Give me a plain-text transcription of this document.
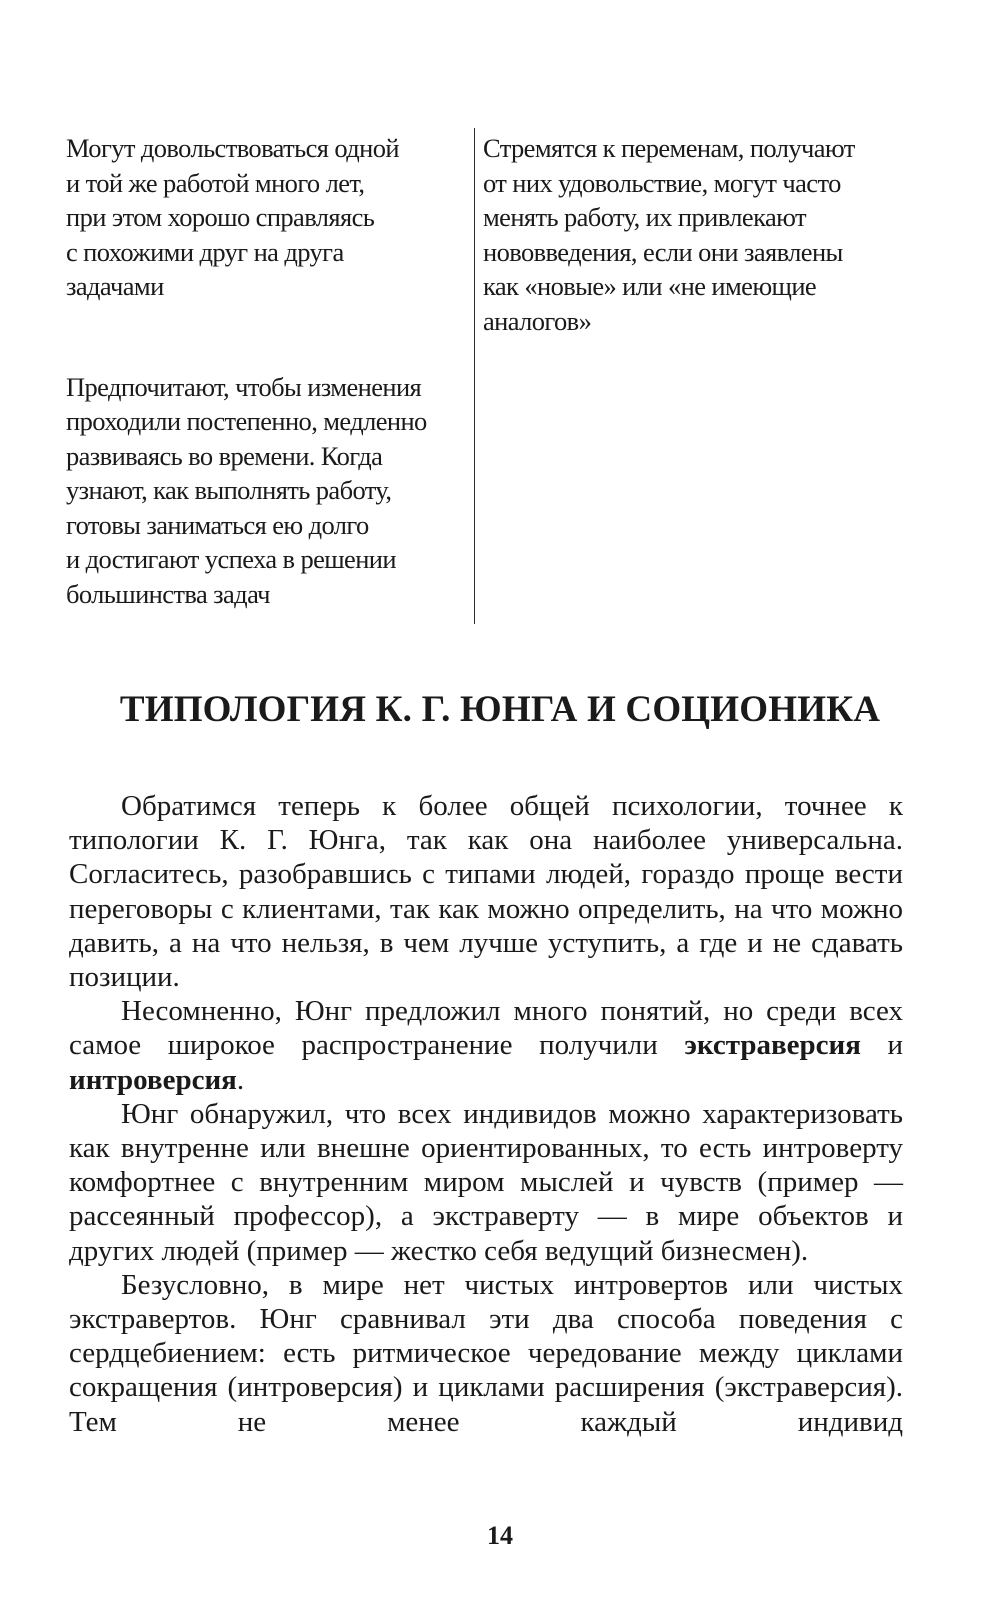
Могут довольствоваться одной
и той же работой много лет,
при этом хорошо справляясь
с похожими друг на друга
задачами

Предпочитают, чтобы изменения
проходили постепенно, медленно
развиваясь во времени. Когда
узнают, как выполнять работу,
готовы заниматься ею долго
и достигают успеха в решении
большинства задач

Стремятся к переменам, получают
от них удовольствие, могут часто
менять работу, их привлекают
нововведения, если они заявлены
как «новые» или «не имеющие
аналогов»

ТИПОЛОГИЯ К. Г. ЮНГА И СОЦИОНИКА

Обратимся теперь к более общей психологии, точнее к типологии К. Г. Юнга, так как она наиболее универсальна. Согласитесь, разобравшись с типами людей, гораздо проще вести переговоры с клиентами, так как можно определить, на что можно давить, а на что нельзя, в чем лучше уступить, а где и не сдавать позиции.

Несомненно, Юнг предложил много понятий, но среди всех самое широкое распространение получили экстраверсия и интроверсия.

Юнг обнаружил, что всех индивидов можно характеризовать как внутренне или внешне ориентированных, то есть интроверту комфортнее с внутренним миром мыслей и чувств (пример — рассеянный профессор), а экстраверту — в мире объектов и других людей (пример — жестко себя ведущий бизнесмен).

Безусловно, в мире нет чистых интровертов или чистых экстравертов. Юнг сравнивал эти два способа поведения с сердцебиением: есть ритмическое чередование между циклами сокращения (интроверсия) и циклами расширения (экстраверсия). Тем не менее каждый индивид

14
